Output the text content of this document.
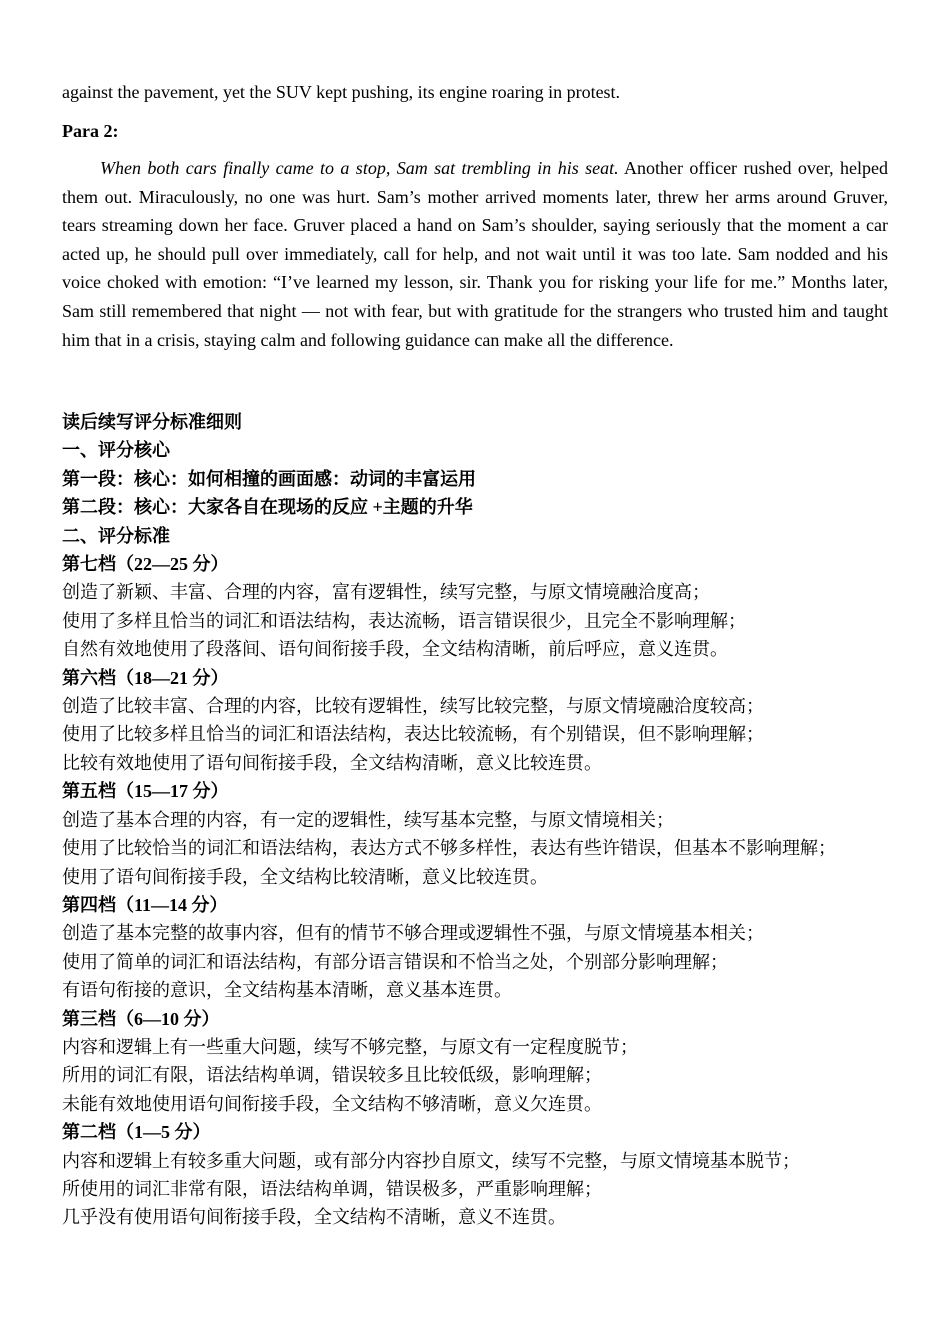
against the pavement, yet the SUV kept pushing, its engine roaring in protest.
Para 2:
When both cars finally came to a stop, Sam sat trembling in his seat. Another officer rushed over, helped them out. Miraculously, no one was hurt. Sam’s mother arrived moments later, threw her arms around Gruver, tears streaming down her face. Gruver placed a hand on Sam’s shoulder, saying seriously that the moment a car acted up, he should pull over immediately, call for help, and not wait until it was too late. Sam nodded and his voice choked with emotion: “I’ve learned my lesson, sir. Thank you for risking your life for me.” Months later, Sam still remembered that night — not with fear, but with gratitude for the strangers who trusted him and taught him that in a crisis, staying calm and following guidance can make all the difference.
读后续写评分标准细则
一、评分核心
第一段：核心：如何相撞的画面感：动词的丰富运用
第二段：核心：大家各自在现场的反应 +主题的升华
二、评分标准
第七档（22—25 分）
创造了新颖、丰富、合理的内容，富有逻辑性，续写完整，与原文情境融洽度高；
使用了多样且恰当的词汇和语法结构，表达流畅，语言错误很少，且完全不影响理解；
自然有效地使用了段落间、语句间衔接手段，全文结构清晰，前后呼应，意义连贯。
第六档（18—21 分）
创造了比较丰富、合理的内容，比较有逻辑性，续写比较完整，与原文情境融洽度较高；
使用了比较多样且恰当的词汇和语法结构，表达比较流畅，有个别错误，但不影响理解；
比较有效地使用了语句间衔接手段，全文结构清晰，意义比较连贯。
第五档（15—17 分）
创造了基本合理的内容，有一定的逻辑性，续写基本完整，与原文情境相关；
使用了比较恰当的词汇和语法结构，表达方式不够多样性，表达有些许错误，但基本不影响理解；
使用了语句间衔接手段，全文结构比较清晰，意义比较连贯。
第四档（11—14 分）
创造了基本完整的故事内容，但有的情节不够合理或逻辑性不强，与原文情境基本相关；
使用了简单的词汇和语法结构，有部分语言错误和不恰当之处，个别部分影响理解；
有语句衔接的意识，全文结构基本清晰，意义基本连贯。
第三档（6—10 分）
内容和逻辑上有一些重大问题，续写不够完整，与原文有一定程度脱节；
所用的词汇有限，语法结构单调，错误较多且比较低级，影响理解；
未能有效地使用语句间衔接手段，全文结构不够清晰，意义欠连贯。
第二档（1—5 分）
内容和逻辑上有较多重大问题，或有部分内容抄自原文，续写不完整，与原文情境基本脱节；
所使用的词汇非常有限，语法结构单调，错误极多，严重影响理解；
几乎没有使用语句间衔接手段，全文结构不清晰，意义不连贯。
